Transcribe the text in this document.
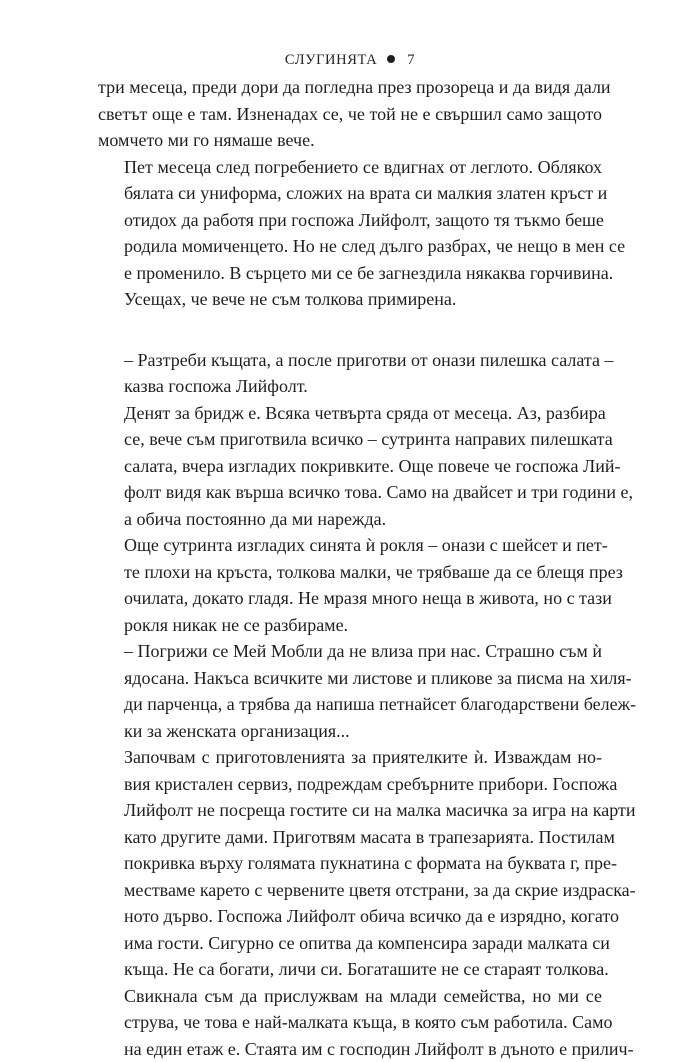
СЛУГИНЯТА 7

три месеца, преди дори да погледна през прозореца и да видя дали
светът още е там. Изненадах се, че той не е свършил само защото
момчето ми го нямаше вече.

Пет месеца след погребението се вдигнах от леглото. Облякох
бялата си униформа, сложих на врата си малкия златен кръст и
отидох да работя при госпожа Лийфолт, защото тя тъкмо беше
родила момиченцето. Но не след дълго разбрах, че нещо в мен се
е променило. В сърцето ми се бе загнездила някаква горчивина.
Усещах, че вече не съм толкова примирена.

– Разтреби къщата, а после приготви от онази пилешка салата –
казва госпожа Лийфолт.

Денят за бридж е. Всяка четвърта сряда от месеца. Аз, разбира
се, вече съм приготвила всичко – сутринта направих пилешката
салата, вчера изгладих покривките. Още повече че госпожа Лий-
фолт видя как върша всичко това. Само на двайсет и три години е,
а обича постоянно да ми нарежда.

Още сутринта изгладих синята ѝ рокля – онази с шейсет и пет-
те плохи на кръста, толкова малки, че трябваше да се блещя през
очилата, докато гладя. Не мразя много неща в живота, но с тази
рокля никак не се разбираме.

– Погрижи се Мей Мобли да не влиза при нас. Страшно съм ѝ
ядосана. Накъса всичките ми листове и пликове за писма на хиля-
ди парченца, а трябва да напиша петнайсет благодарствени бележ-
ки за женската организация...

Започвам с приготовленията за приятелките ѝ. Изваждам но-
вия кристален сервиз, подреждам сребърните прибори. Госпожа
Лийфолт не посреща гостите си на малка масичка за игра на карти
като другите дами. Приготвям масата в трапезарията. Постилам
покривка върху голямата пукнатина с формата на буквата г, пре-
местваме карето с червените цветя отстрани, за да скрие издраска-
ното дърво. Госпожа Лийфолт обича всичко да е изрядно, когато
има гости. Сигурно се опитва да компенсира заради малката си
къща. Не са богати, личи си. Богаташите не се стараят толкова.

Свикнала съм да прислужвам на млади семейства, но ми се
струва, че това е най-малката къща, в която съм работила. Само
на един етаж е. Стаята им с господин Лийфолт в дъното е прилич-
